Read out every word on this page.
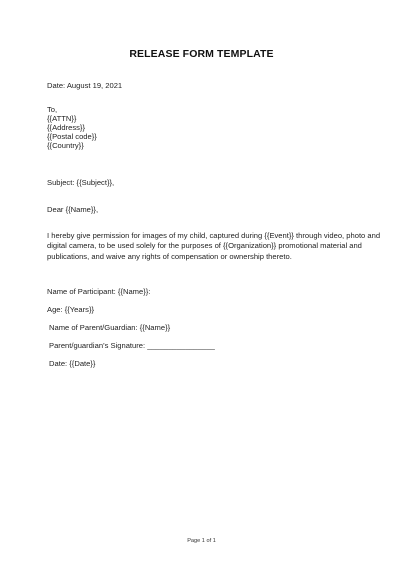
RELEASE FORM TEMPLATE
Date: August 19, 2021
To,
{{ATTN}}
{{Address}}
{{Postal code}}
{{Country}}
Subject: {{Subject}},
Dear {{Name}},
I hereby give permission for images of my child, captured during {{Event}} through video, photo and
digital camera, to be used solely for the purposes of {{Organization}} promotional material and
publications, and waive any rights of compensation or ownership thereto.
Name of Participant: {{Name}}:
Age: {{Years}}
Name of Parent/Guardian: {{Name}}
Parent/guardian’s Signature: ________________
Date: {{Date}}
Page 1 of 1
